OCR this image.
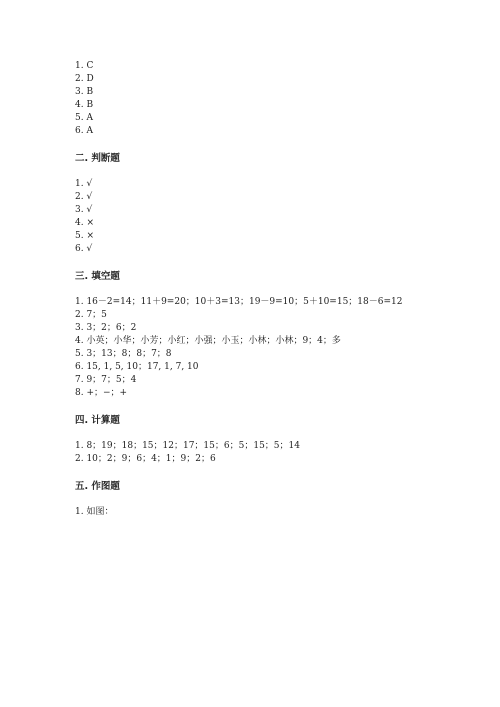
1. C
2. D
3. B
4. B
5. A
6. A
二. 判断题
1. √
2. √
3. √
4. ×
5. ×
6. √
三. 填空题
1. 16－2=14；11＋9=20；10＋3=13；19－9=10；5＋10=15；18－6=12
2. 7；5
3. 3；2；6；2
4. 小英；小华；小芳；小红；小强；小玉；小林；小林；9；4；多
5. 3；13；8；8；7；8
6. 15, 1, 5, 10；17, 1, 7, 10
7. 9；7；5；4
8. +；−；+
四. 计算题
1. 8；19；18；15；12；17；15；6；5；15；5；14
2. 10；2；9；6；4；1；9；2；6
五. 作图题
1. 如图：
